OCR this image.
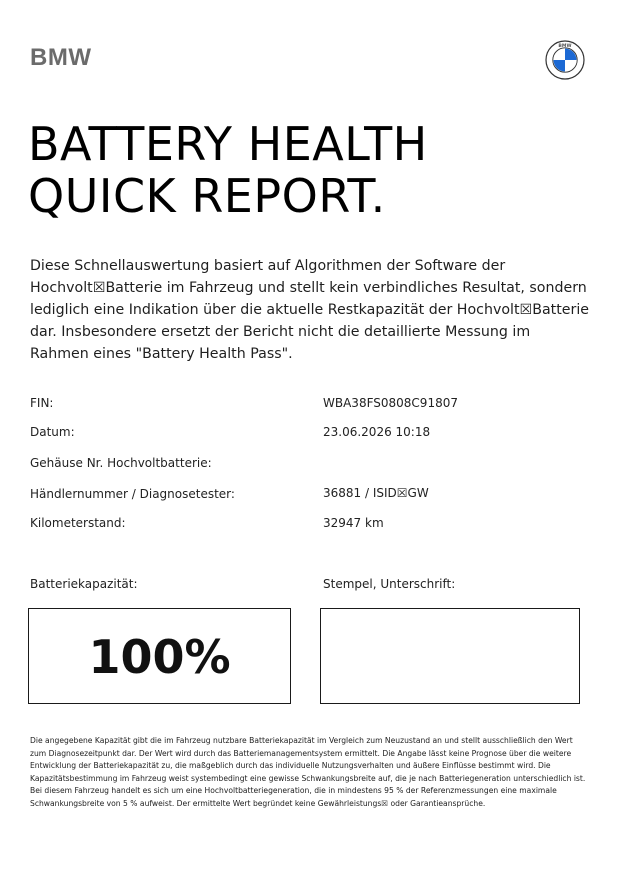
BMW	BMW
BATTERY HEALTH
QUICK REPORT.

Diese Schnellauswertung basiert auf Algorithmen der Software der Hochvolt☒Batterie im Fahrzeug und stellt kein verbindliches Resultat, sondern lediglich eine Indikation über die aktuelle Restkapazität der Hochvolt☒Batterie dar. Insbesondere ersetzt der Bericht nicht die detaillierte Messung im Rahmen eines "Battery Health Pass".

FIN:	WBA38FS0808C91807
Datum:	23.06.2026 10:18
Gehäuse Nr. Hochvoltbatterie:
Händlernummer / Diagnosetester:	36881 / ISID☒GW
Kilometerstand:	32947 km
Batteriekapazität:	Stempel, Unterschrift:
100%

Die angegebene Kapazität gibt die im Fahrzeug nutzbare Batteriekapazität im Vergleich zum Neuzustand an und stellt ausschließlich den Wert zum Diagnosezeitpunkt dar. Der Wert wird durch das Batteriemanagementsystem ermittelt. Die Angabe lässt keine Prognose über die weitere Entwicklung der Batteriekapazität zu, die maßgeblich durch das individuelle Nutzungsverhalten und äußere Einflüsse bestimmt wird. Die Kapazitätsbestimmung im Fahrzeug weist systembedingt eine gewisse Schwankungsbreite auf, die je nach Batteriegeneration unterschiedlich ist. Bei diesem Fahrzeug handelt es sich um eine Hochvoltbatteriegeneration, die in mindestens 95 % der Referenzmessungen eine maximale Schwankungsbreite von 5 % aufweist. Der ermittelte Wert begründet keine Gewährleistungs☒ oder Garantieansprüche.
